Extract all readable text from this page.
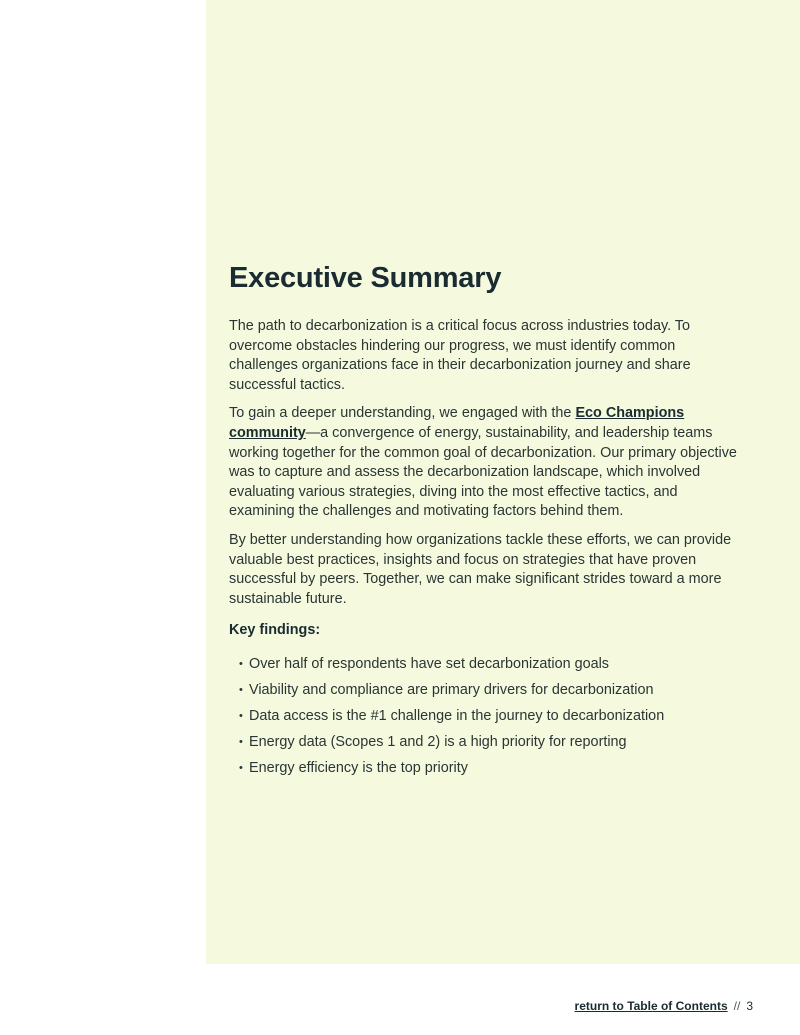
Executive Summary

The path to decarbonization is a critical focus across industries today. To overcome obstacles hindering our progress, we must identify common challenges organizations face in their decarbonization journey and share successful tactics.

To gain a deeper understanding, we engaged with the Eco Champions community—a convergence of energy, sustainability, and leadership teams working together for the common goal of decarbonization. Our primary objective was to capture and assess the decarbonization landscape, which involved evaluating various strategies, diving into the most effective tactics, and examining the challenges and motivating factors behind them.

By better understanding how organizations tackle these efforts, we can provide valuable best practices, insights and focus on strategies that have proven successful by peers. Together, we can make significant strides toward a more sustainable future.

Key findings:

• Over half of respondents have set decarbonization goals
• Viability and compliance are primary drivers for decarbonization
• Data access is the #1 challenge in the journey to decarbonization
• Energy data (Scopes 1 and 2) is a high priority for reporting
• Energy efficiency is the top priority
return to Table of Contents // 3
